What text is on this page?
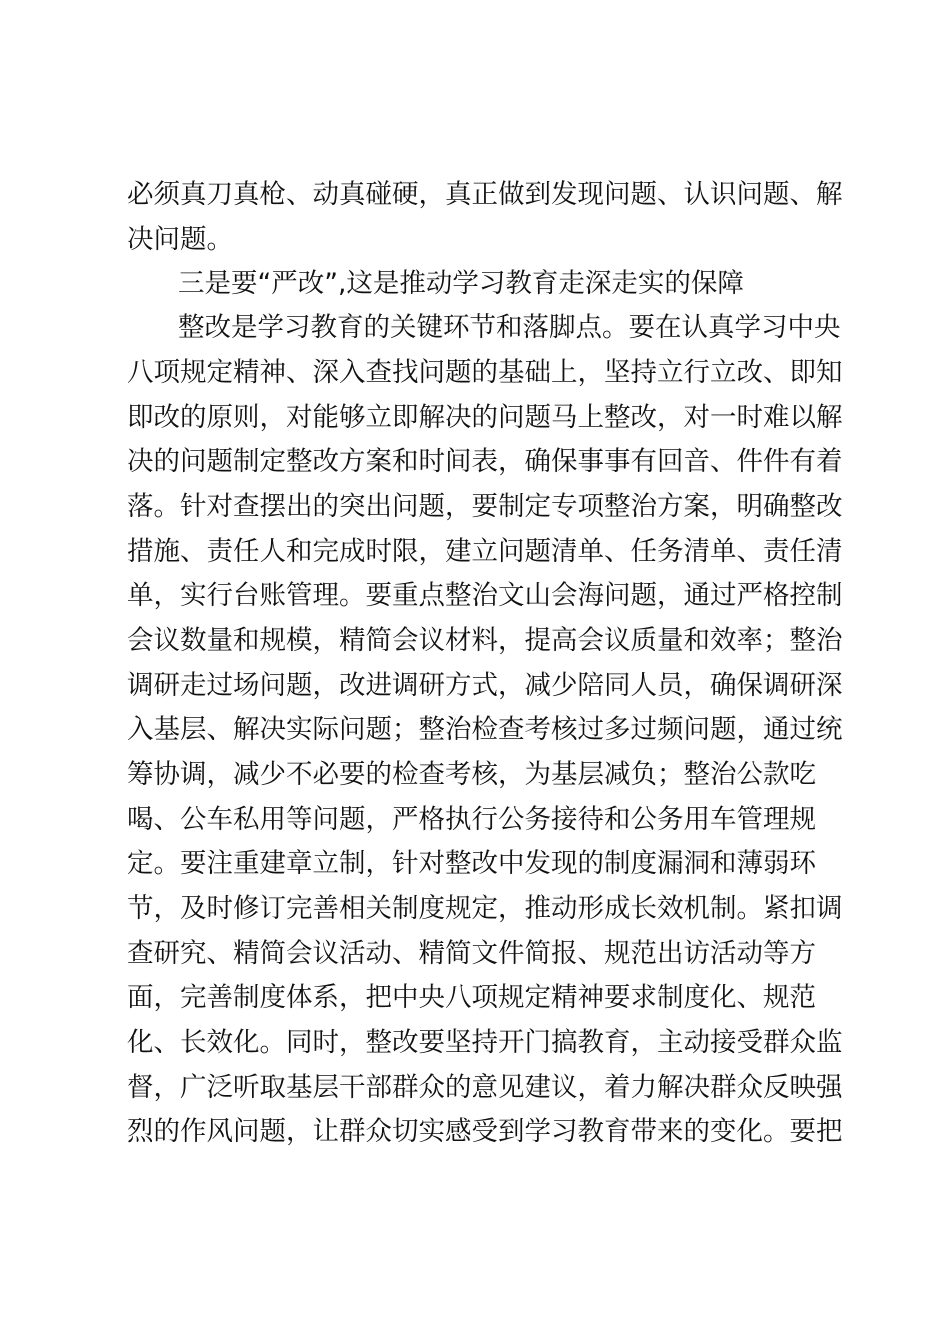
必须真刀真枪、动真碰硬，真正做到发现问题、认识问题、解
决问题。
三是要“严改”,这是推动学习教育走深走实的保障
整改是学习教育的关键环节和落脚点。要在认真学习中央
八项规定精神、深入查找问题的基础上，坚持立行立改、即知
即改的原则，对能够立即解决的问题马上整改，对一时难以解
决的问题制定整改方案和时间表，确保事事有回音、件件有着
落。针对查摆出的突出问题，要制定专项整治方案，明确整改
措施、责任人和完成时限，建立问题清单、任务清单、责任清
单，实行台账管理。要重点整治文山会海问题，通过严格控制
会议数量和规模，精简会议材料，提高会议质量和效率；整治
调研走过场问题，改进调研方式，减少陪同人员，确保调研深
入基层、解决实际问题；整治检查考核过多过频问题，通过统
筹协调，减少不必要的检查考核，为基层减负；整治公款吃
喝、公车私用等问题，严格执行公务接待和公务用车管理规
定。要注重建章立制，针对整改中发现的制度漏洞和薄弱环
节，及时修订完善相关制度规定，推动形成长效机制。紧扣调
查研究、精简会议活动、精简文件简报、规范出访活动等方
面，完善制度体系，把中央八项规定精神要求制度化、规范
化、长效化。同时，整改要坚持开门搞教育，主动接受群众监
督，广泛听取基层干部群众的意见建议，着力解决群众反映强
烈的作风问题，让群众切实感受到学习教育带来的变化。要把
